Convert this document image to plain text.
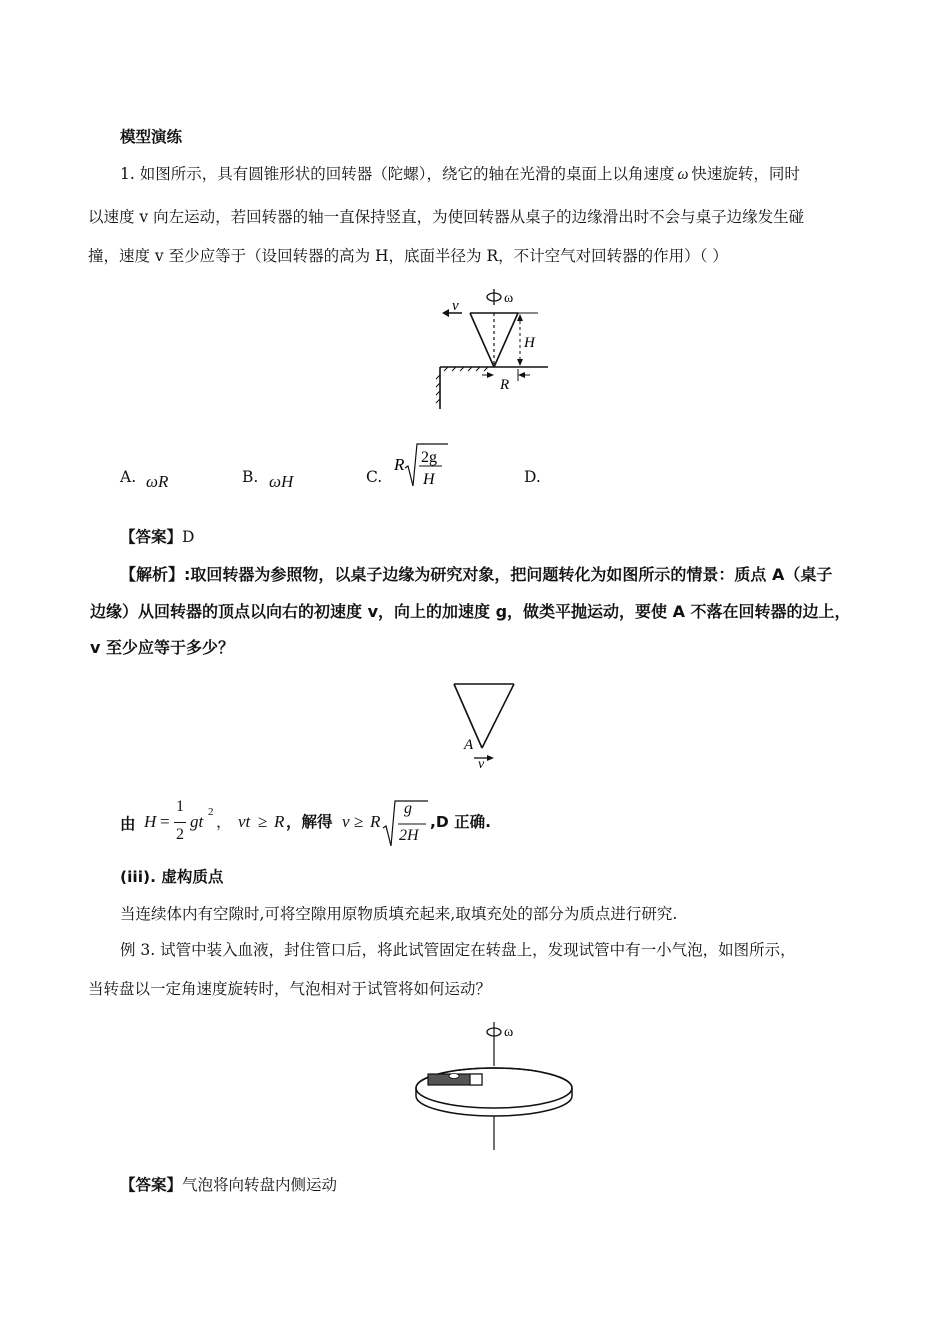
模型演练
1. 如图所示，具有圆锥形状的回转器（陀螺），绕它的轴在光滑的桌面上以角速度 ω 快速旋转，同时
以速度 v 向左运动，若回转器的轴一直保持竖直，为使回转器从桌子的边缘滑出时不会与桌子边缘发生碰
撞，速度 v 至少应等于（设回转器的高为 H，底面半径为 R，不计空气对回转器的作用）（ ）
ω
v
H
R
A. ωR	B. ωH	C.
R 2g
H	D.
【答案】D
【解析】:取回转器为参照物，以桌子边缘为研究对象，把问题转化为如图所示的情景：质点 A（桌子
边缘）从回转器的顶点以向右的初速度 v，向上的加速度 g，做类平抛运动，要使 A 不落在回转器的边上，
v 至少应等于多少？
A
v
由 H =
1
2
gt 2
， vt ≥ R ，解得 v ≥ R
g
2H
,D 正确.
(iii). 虚构质点
当连续体内有空隙时,可将空隙用原物质填充起来,取填充处的部分为质点进行研究.
例 3. 试管中装入血液，封住管口后，将此试管固定在转盘上，发现试管中有一小气泡，如图所示，
当转盘以一定角速度旋转时，气泡相对于试管将如何运动？
ω
【答案】气泡将向转盘内侧运动
